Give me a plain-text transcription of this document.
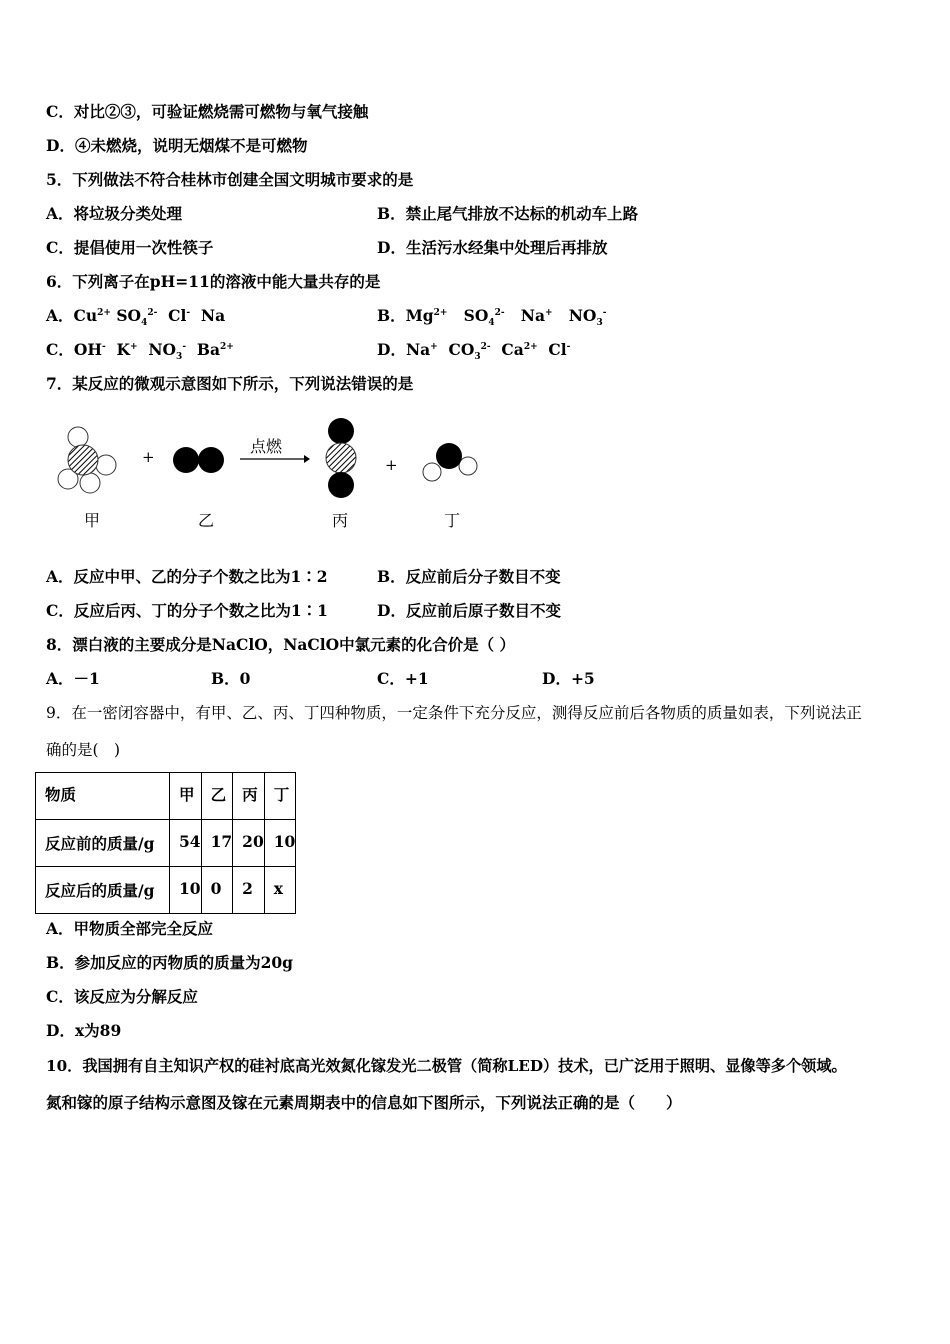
C．对比②③，可验证燃烧需可燃物与氧气接触
D．④未燃烧，说明无烟煤不是可燃物
5．下列做法不符合桂林市创建全国文明城市要求的是
A．将垃圾分类处理	B．禁止尾气排放不达标的机动车上路
C．提倡使用一次性筷子	D．生活污水经集中处理后再排放
6．下列离子在pH=11的溶液中能大量共存的是
A．$Cu^{2+}$ $SO_4^{2-}$ Cl- Na	B．$Mg^{2+}$ $SO_4^{2-}$ Na+ $NO_3^-$
C．OH- K+ $NO_3^-$ $Ba^{2+}$	D．Na+ $CO_3^{2-}$ $Ca^{2+}$ Cl-
7．某反应的微观示意图如下所示，下列说法错误的是
+
点燃
+
甲	乙	丙	丁
A．反应中甲、乙的分子个数之比为1∶2	B．反应前后分子数目不变
C．反应后丙、丁的分子个数之比为1∶1	D．反应前后原子数目不变
8．漂白液的主要成分是NaClO，NaClO中氯元素的化合价是（ ）
A．－1	B．0	C．+1	D．+5
9．在一密闭容器中，有甲、乙、丙、丁四种物质，一定条件下充分反应，测得反应前后各物质的质量如表，下列说法正
确的是(　)
物质	甲	乙	丙	丁
反应前的质量/g	54	17	20	10
反应后的质量/g	10	0	2	x
A．甲物质全部完全反应
B．参加反应的丙物质的质量为20g
C．该反应为分解反应
D．x为89
10．我国拥有自主知识产权的硅衬底高光效氮化镓发光二极管（简称LED）技术，已广泛用于照明、显像等多个领域。
氮和镓的原子结构示意图及镓在元素周期表中的信息如下图所示，下列说法正确的是（　　）
